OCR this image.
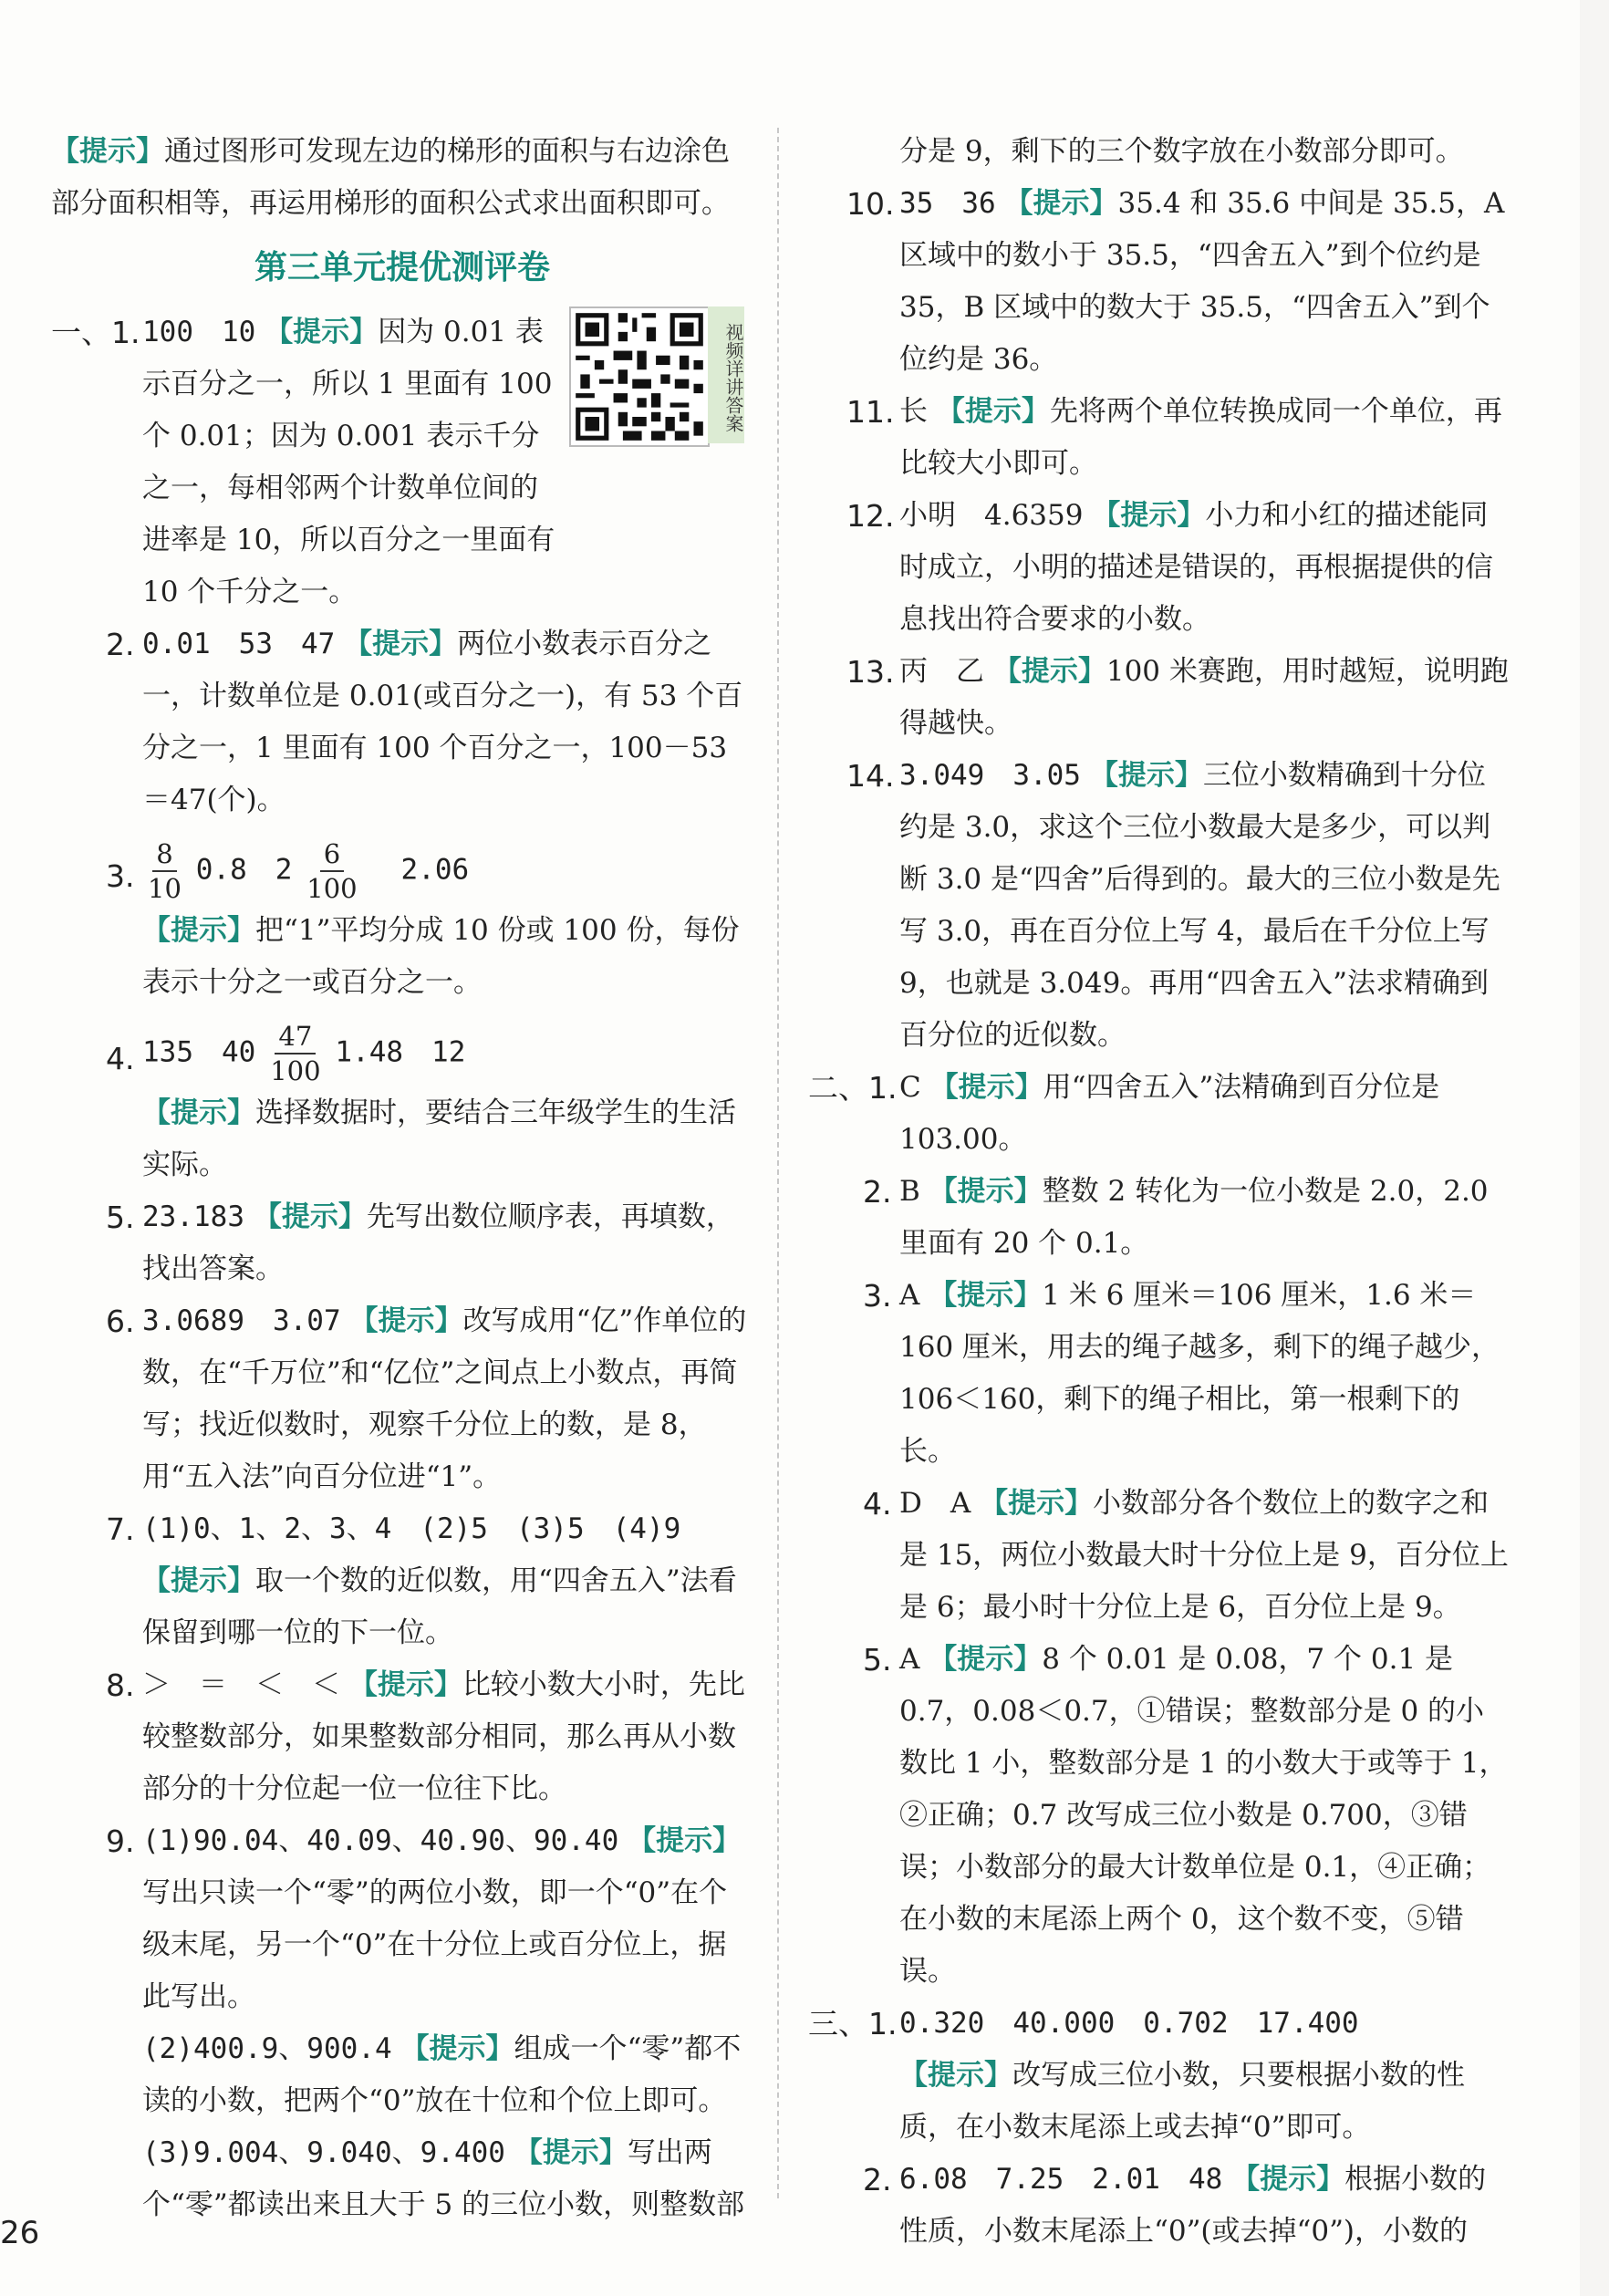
【提示】通过图形可发现左边的梯形的面积与右边涂色部分面积相等，再运用梯形的面积公式求出面积即可。

第三单元提优测评卷
一、1.	视频详讲答案
100　10 【提示】因为 0.01 表示百分之一，所以 1 里面有 100 个 0.01；因为 0.001 表示千分之一，每相邻两个计数单位间的进率是 10，所以百分之一里面有 10 个千分之一。
2. 0.01　53　47 【提示】两位小数表示百分之一，计数单位是 0.01(或百分之一)，有 53 个百分之一，1 里面有 100 个百分之一，100－53＝47(个)。
3. $\frac{8}{10} 0.8$　$2 \frac{6}{100} 2.06$
【提示】把“1”平均分成 10 份或 100 份，每份表示十分之一或百分之一。
4. 135　$40 \frac{47}{100} 1.48$　12
【提示】选择数据时，要结合三年级学生的生活实际。
5. 23.183 【提示】先写出数位顺序表，再填数，找出答案。
6. 3.0689　3.07 【提示】改写成用“亿”作单位的数，在“千万位”和“亿位”之间点上小数点，再简写；找近似数时，观察千分位上的数，是 8，用“五入法”向百分位进“1”。
7. (1)0、1、2、3、4　(2)5　(3)5　(4)9
【提示】取一个数的近似数，用“四舍五入”法看保留到哪一位的下一位。
8. ＞　＝　＜　＜ 【提示】比较小数大小时，先比较整数部分，如果整数部分相同，那么再从小数部分的十分位起一位一位往下比。
9. (1)90.04、40.09、40.90、90.40 【提示】写出只读一个“零”的两位小数，即一个“0”在个级末尾，另一个“0”在十分位上或百分位上，据此写出。
(2)400.9、900.4 【提示】组成一个“零”都不读的小数，把两个“0”放在十位和个位上即可。
(3)9.004、9.040、9.400 【提示】写出两个“零”都读出来且大于 5 的三位小数，则整数部
分是 9，剩下的三个数字放在小数部分即可。
10. 35　36 【提示】35.4 和 35.6 中间是 35.5，A 区域中的数小于 35.5，“四舍五入”到个位约是 35，B 区域中的数大于 35.5，“四舍五入”到个位约是 36。
11. 长 【提示】先将两个单位转换成同一个单位，再比较大小即可。
12. 小明　4.6359 【提示】小力和小红的描述能同时成立，小明的描述是错误的，再根据提供的信息找出符合要求的小数。
13. 丙　乙 【提示】100 米赛跑，用时越短，说明跑得越快。
14. 3.049　3.05 【提示】三位小数精确到十分位约是 3.0，求这个三位小数最大是多少，可以判断 3.0 是“四舍”后得到的。最大的三位小数是先写 3.0，再在百分位上写 4，最后在千分位上写 9，也就是 3.049。再用“四舍五入”法求精确到百分位的近似数。
二、1. C 【提示】用“四舍五入”法精确到百分位是 103.00。
2. B 【提示】整数 2 转化为一位小数是 2.0，2.0 里面有 20 个 0.1。
3. A 【提示】1 米 6 厘米＝106 厘米，1.6 米＝160 厘米，用去的绳子越多，剩下的绳子越少，106＜160，剩下的绳子相比，第一根剩下的长。
4. D　A 【提示】小数部分各个数位上的数字之和是 15，两位小数最大时十分位上是 9，百分位上是 6；最小时十分位上是 6，百分位上是 9。
5. A 【提示】8 个 0.01 是 0.08，7 个 0.1 是 0.7，0.08＜0.7，①错误；整数部分是 0 的小数比 1 小，整数部分是 1 的小数大于或等于 1，②正确；0.7 改写成三位小数是 0.700，③错误；小数部分的最大计数单位是 0.1，④正确；在小数的末尾添上两个 0，这个数不变，⑤错误。
三、1. 0.320　40.000　0.702　17.400
【提示】改写成三位小数，只要根据小数的性质，在小数末尾添上或去掉“0”即可。
2. 6.08　7.25　2.01　48 【提示】根据小数的性质，小数末尾添上“0”(或去掉“0”)，小数的
26
